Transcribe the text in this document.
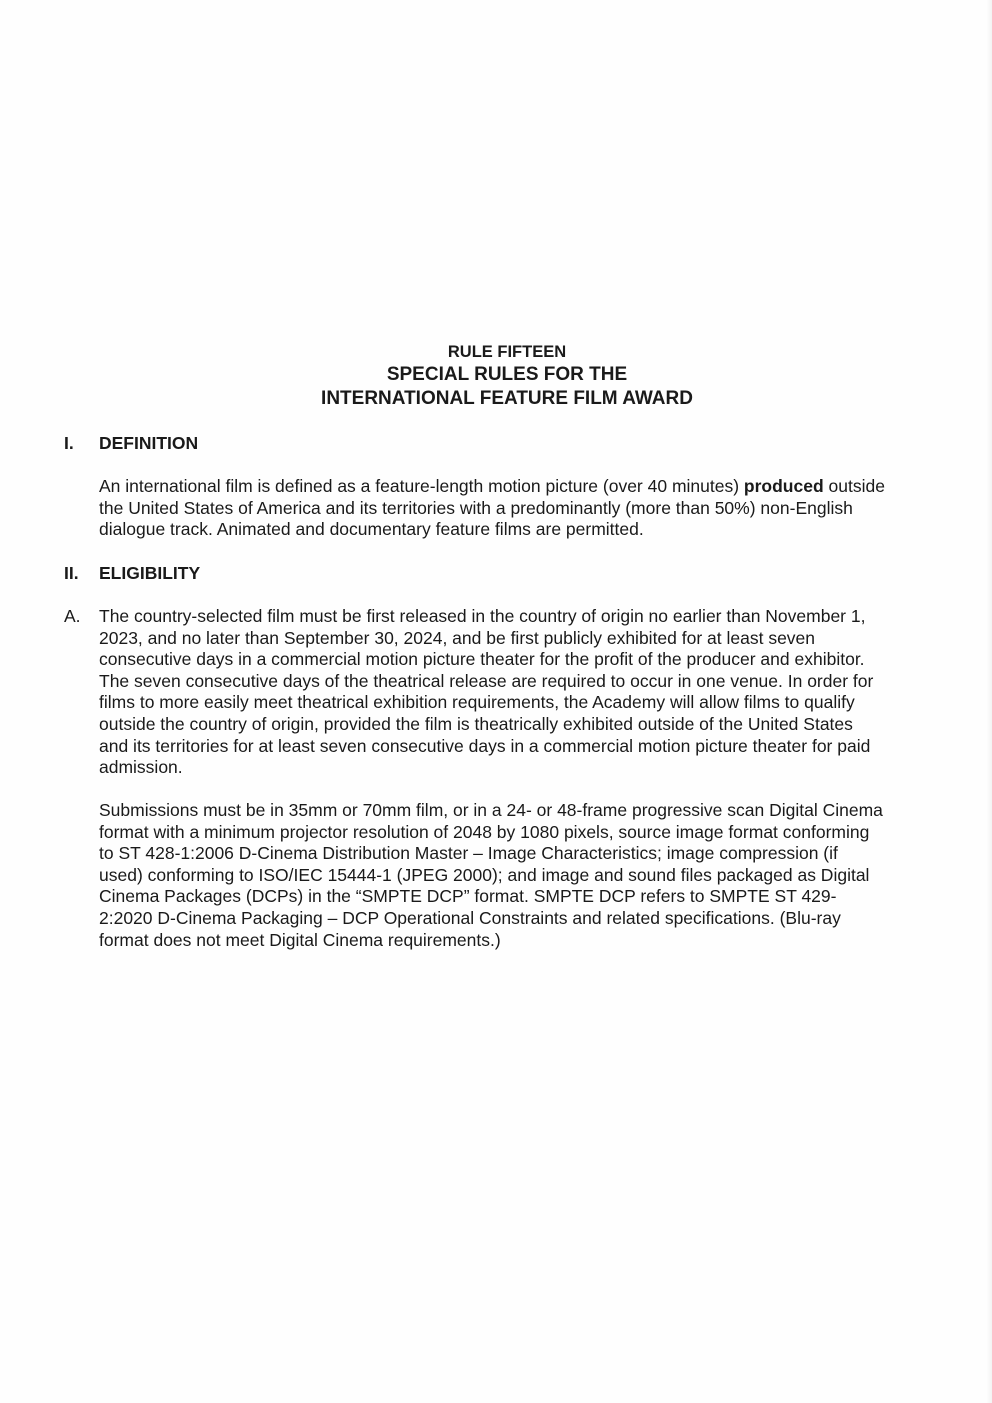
RULE FIFTEEN
SPECIAL RULES FOR THE
INTERNATIONAL FEATURE FILM AWARD
I. DEFINITION
An international film is defined as a feature-length motion picture (over 40 minutes) produced outside
the United States of America and its territories with a predominantly (more than 50%) non-English
dialogue track. Animated and documentary feature films are permitted.
II. ELIGIBILITY
A. The country-selected film must be first released in the country of origin no earlier than November 1,
2023, and no later than September 30, 2024, and be first publicly exhibited for at least seven
consecutive days in a commercial motion picture theater for the profit of the producer and exhibitor.
The seven consecutive days of the theatrical release are required to occur in one venue. In order for
films to more easily meet theatrical exhibition requirements, the Academy will allow films to qualify
outside the country of origin, provided the film is theatrically exhibited outside of the United States
and its territories for at least seven consecutive days in a commercial motion picture theater for paid
admission.
Submissions must be in 35mm or 70mm film, or in a 24- or 48-frame progressive scan Digital Cinema
format with a minimum projector resolution of 2048 by 1080 pixels, source image format conforming
to ST 428-1:2006 D-Cinema Distribution Master – Image Characteristics; image compression (if
used) conforming to ISO/IEC 15444-1 (JPEG 2000); and image and sound files packaged as Digital
Cinema Packages (DCPs) in the “SMPTE DCP” format. SMPTE DCP refers to SMPTE ST 429-
2:2020 D-Cinema Packaging – DCP Operational Constraints and related specifications. (Blu-ray
format does not meet Digital Cinema requirements.)
